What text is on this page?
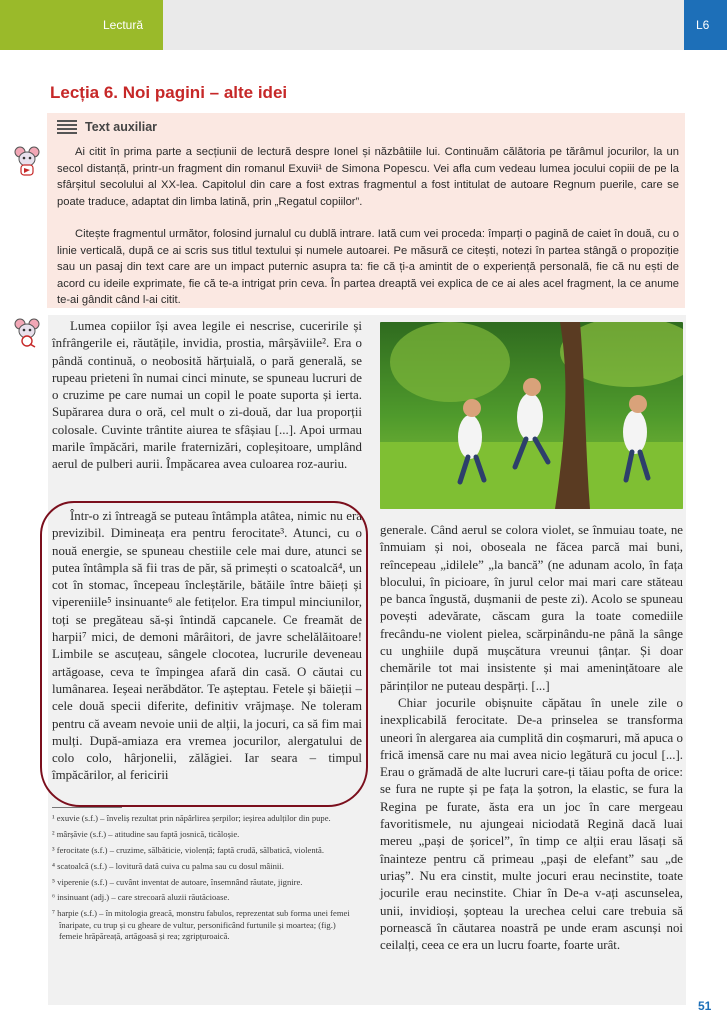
Lectură	L6
Lecția 6. Noi pagini – alte idei
Text auxiliar

Ai citit în prima parte a secțiunii de lectură despre Ionel și năzbâtiile lui. Continuăm călătoria pe tărâmul jocurilor, la un secol distanță, printr-un fragment din romanul Exuvii¹ de Simona Popescu. Vei afla cum vedeau lumea jocului copiii de pe la sfârșitul secolului al XX-lea. Capitolul din care a fost extras fragmentul a fost intitulat de autoare Regnum puerile, care se poate traduce, adaptat din limba latină, prin „Regatul copiilor”.

Citește fragmentul următor, folosind jurnalul cu dublă intrare. Iată cum vei proceda: împarți o pagină de caiet în două, cu o linie verticală, după ce ai scris sus titlul textului și numele autoarei. Pe măsură ce citești, notezi în partea stângă o propoziție sau un pasaj din text care are un impact puternic asupra ta: fie că ți-a amintit de o experiență personală, fie că nu ești de acord cu ideile exprimate, fie că te-a intrigat prin ceva. În partea dreaptă vei explica de ce ai ales acel fragment, la ce anume te-ai gândit când l-ai citit.

Lumea copiilor își avea legile ei nescrise, cuceririle și înfrângerile ei, răutățile, invidia, prostia, mârșăviile². Era o pândă continuă, o neobosită hărțuială, o pară generală, se rupeau prieteni în numai cinci minute, se spuneau lucruri de o cruzime pe care numai un copil le poate suporta și ierta. Supărarea dura o oră, cel mult o zi-două, dar lua proporții colosale. Cuvinte trântite aiurea te sfâșiau [...]. Apoi urmau marile împăcări, marile fraternizări, copleșitoare, umplând aerul de pulberi aurii. Împăcarea avea culoarea roz-auriu.

Într-o zi întreagă se puteau întâmpla atâtea, nimic nu era previzibil. Dimineața era pentru ferocitate³. Atunci, cu o nouă energie, se spuneau chestiile cele mai dure, atunci se putea întâmpla să fii tras de păr, să primești o scatoalcă⁴, un cot în stomac, începeau încleștările, bătăile între băieți și vipereniile⁵ insinuante⁶ ale fetițelor. Era timpul minciunilor, toți se pregăteau să-și întindă capcanele. Ce freamăt de harpii⁷ mici, de demoni mârâitori, de javre schelălăitoare! Limbile se ascuțeau, sângele clocotea, lucrurile deveneau artăgoase, ceva te împingea afară din casă. O căutai cu lumânarea. Ieșeai nerăbdător. Te așteptau. Fetele și băieții – cele două specii diferite, definitiv vrăjmașe. Ne toleram pentru că aveam nevoie unii de alții, la jocuri, ca să fim mai mulți. După-amiaza era vremea jocurilor, alergatului de colo colo, hârjonelii, zălăgiei. Iar seara – timpul împăcărilor, al fericirii

generale. Când aerul se colora violet, se înmuiau toate, ne înmuiam și noi, oboseala ne făcea parcă mai buni, reîncepeau „idilele” „la bancă” (ne adunam acolo, în fața blocului, în picioare, în jurul celor mai mari care stăteau pe banca îngustă, dușmanii de peste zi). Acolo se spuneau povești adevărate, căscam gura la toate comediile frecându-ne violent pielea, scărpinându-ne până la sânge cu unghiile după mușcătura vreunui țânțar. Și doar chemările tot mai insistente și mai amenințătoare ale părinților ne puteau despărți. [...]

Chiar jocurile obișnuite căpătau în unele zile o inexplicabilă ferocitate. De-a prinselea se transforma uneori în alergarea aia cumplită din coșmaruri, mă apuca o frică imensă care nu mai avea nicio legătură cu jocul [...]. Erau o grămadă de alte lucruri care-ți tăiau pofta de orice: se fura ne rupte și pe fața la șotron, la elastic, se fura la Regina pe furate, ăsta era un joc în care mergeau favoritismele, nu ajungeai niciodată Regină dacă luai mereu „pași de șoricel”, în timp ce alții erau lăsați să înainteze pentru că primeau „pași de elefant” sau „de uriaș”. Nu era cinstit, multe jocuri erau necinstite, toate jocurile erau necinstite. Chiar în De-a v-ați ascunselea, unii, invidioși, șopteau la urechea celui care trebuia să pornească în căutarea noastră pe unde eram ascunși noi ceilalți, ceea ce era un lucru foarte, foarte urât.

¹ exuvie (s.f.) – înveliș rezultat prin năpârlirea șerpilor; ieșirea adulților din pupe.
² mârșăvie (s.f.) – atitudine sau faptă josnică, ticăloșie.
³ ferocitate (s.f.) – cruzime, sălbăticie, violență; faptă crudă, sălbatică, violentă.
⁴ scatoalcă (s.f.) – lovitură dată cuiva cu palma sau cu dosul mâinii.
⁵ viperenie (s.f.) – cuvânt inventat de autoare, însemnând răutate, jignire.
⁶ insinuant (adj.) – care strecoară aluzii răutăcioase.
⁷ harpie (s.f.) – în mitologia greacă, monstru fabulos, reprezentat sub forma unei femei înaripate, cu trup și cu gheare de vultur, personificând furtunile și moartea; (fig.) femeie hrăpăreață, artăgoasă și rea; zgripțuroaică.
51
